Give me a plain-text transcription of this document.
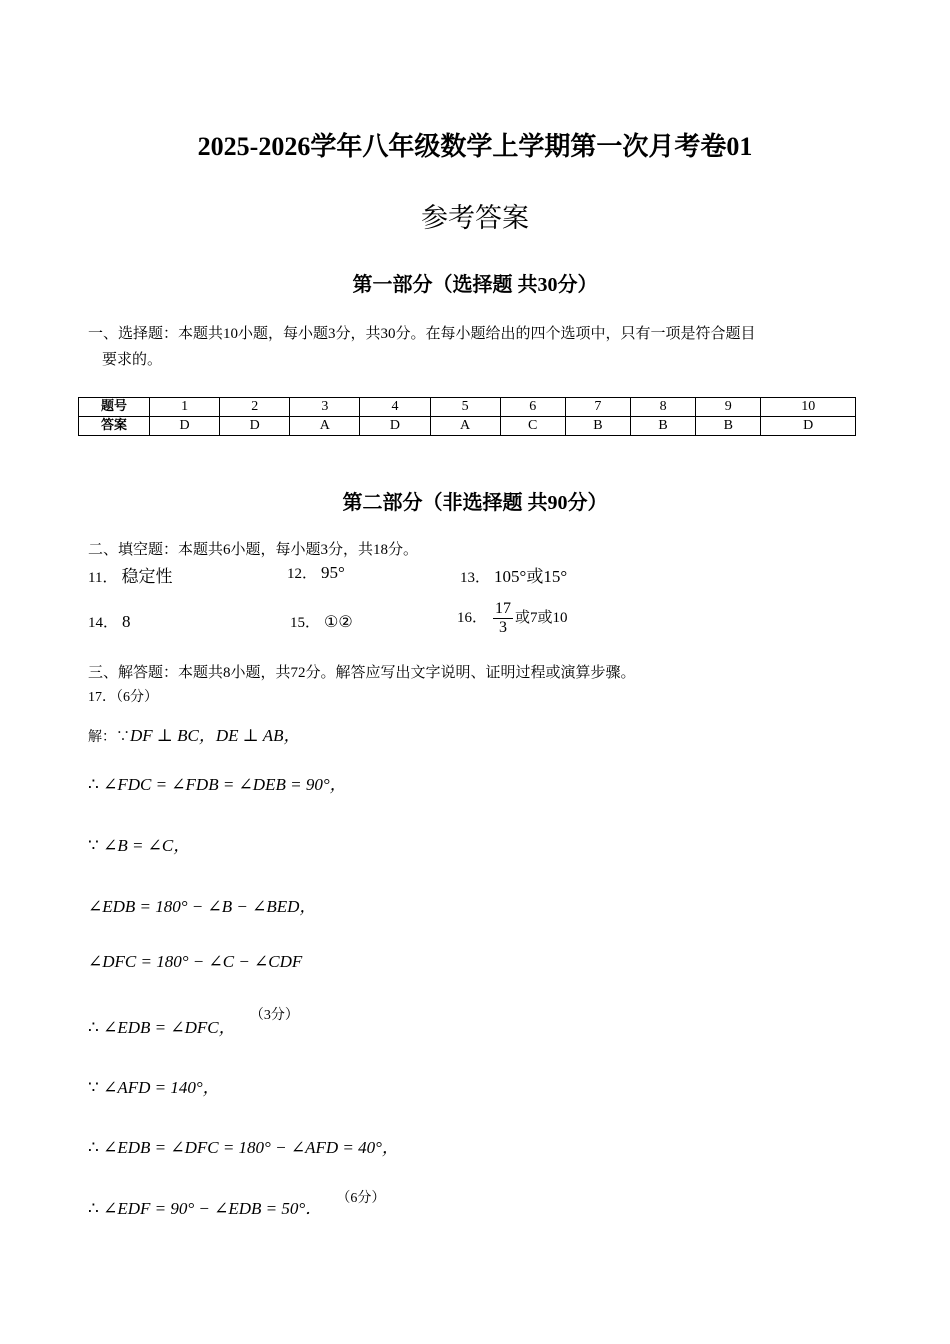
2025-2026学年八年级数学上学期第一次月考卷01
参考答案
第一部分（选择题 共30分）
一、选择题：本题共10小题，每小题3分，共30分。在每小题给出的四个选项中，只有一项是符合题目
要求的。
题号	1	2	3	4	5	6	7	8	9	10
答案	D	D	A	D	A	C	B	B	B	D
第二部分（非选择题 共90分）
二、填空题：本题共6小题，每小题3分，共18分。
11． 稳定性	12． 95°	13． 105°或15°
14． 8	15． ①②	16． $\frac{17}{3}$ 或7或10
三、解答题：本题共8小题，共72分。解答应写出文字说明、证明过程或演算步骤。
17．（6分）
解：∵DF ⊥ BC，DE ⊥ AB，
∴ ∠FDC = ∠FDB = ∠DEB = 90°，
∵ ∠B = ∠C，
∠EDB = 180° − ∠B − ∠BED，
∠DFC = 180° − ∠C − ∠CDF
∴ ∠EDB = ∠DFC， $^{(3分)}$
∵ ∠AFD = 140°，
∴ ∠EDB = ∠DFC = 180° − ∠AFD = 40°，
∴ ∠EDF = 90° − ∠EDB = 50°． $^{(6分)}$
